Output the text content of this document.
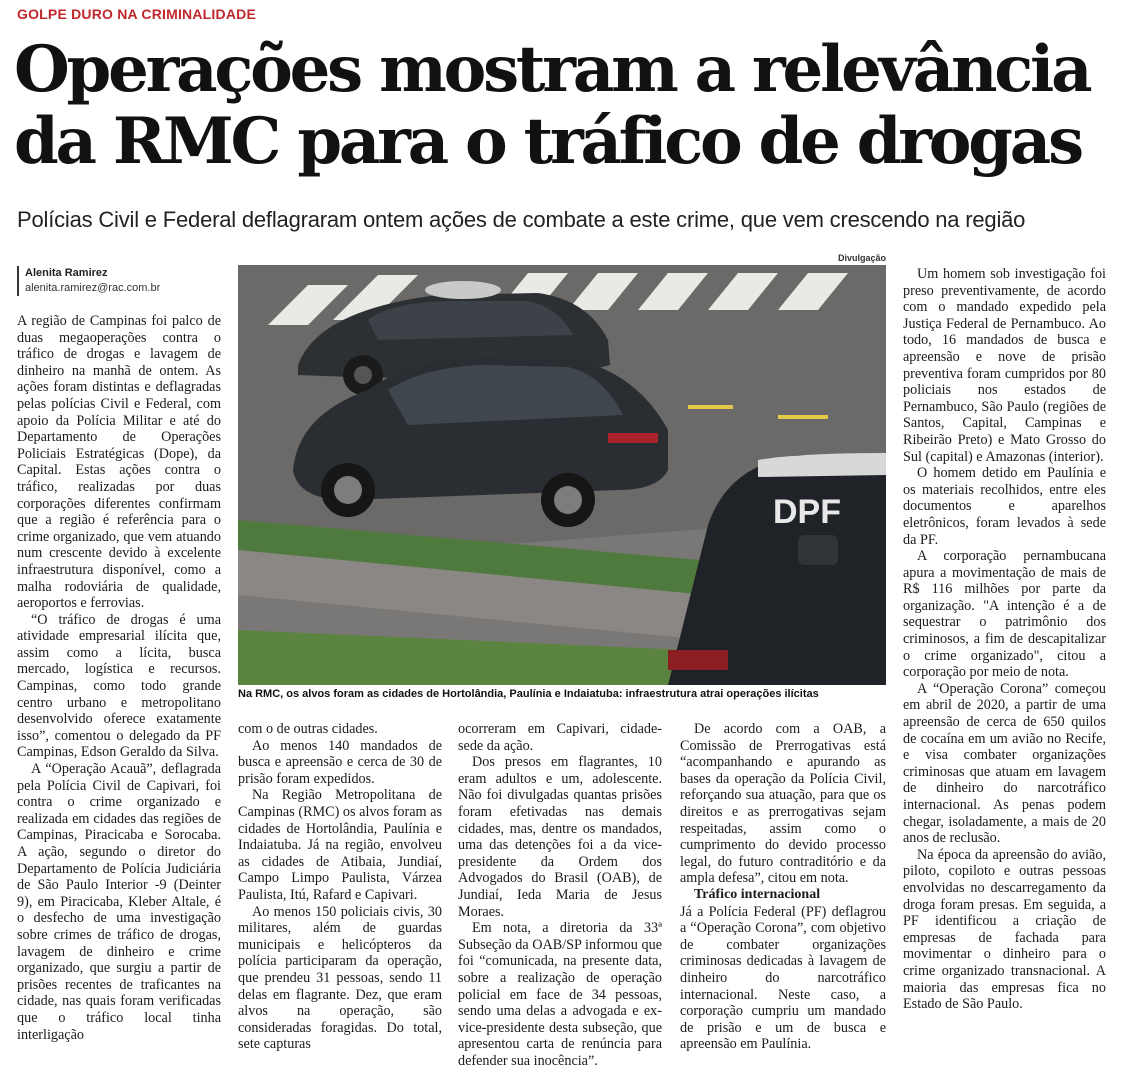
GOLPE DURO NA CRIMINALIDADE
Operações mostram a relevância
da RMC para o tráfico de drogas
Polícias Civil e Federal deflagraram ontem ações de combate a este crime, que vem crescendo na região
Alenita Ramirez
alenita.ramirez@rac.com.br
Divulgação
DPF
Na RMC, os alvos foram as cidades de Hortolândia, Paulínia e Indaiatuba: infraestrutura atrai operações ilícitas

A região de Campinas foi palco de duas megaoperações contra o tráfico de drogas e lavagem de dinheiro na manhã de ontem. As ações foram distintas e deflagradas pelas polícias Civil e Federal, com apoio da Polícia Militar e até do Departamento de Operações Policiais Estratégicas (Dope), da Capital. Estas ações contra o tráfico, realizadas por duas corporações diferentes confirmam que a região é referência para o crime organizado, que vem atuando num crescente devido à excelente infraestrutura disponível, como a malha rodoviária de qualidade, aeroportos e ferrovias.

“O tráfico de drogas é uma atividade empresarial ilícita que, assim como a lícita, busca mercado, logística e recursos. Campinas, como todo grande centro urbano e metropolitano desenvolvido oferece exatamente isso”, comentou o delegado da PF Campinas, Edson Geraldo da Silva.

A “Operação Acauã”, deflagrada pela Polícia Civil de Capivari, foi contra o crime organizado e realizada em cidades das regiões de Campinas, Piracicaba e Sorocaba. A ação, segundo o diretor do Departamento de Polícia Judiciária de São Paulo Interior -9 (Deinter 9), em Piracicaba, Kleber Altale, é o desfecho de uma investigação sobre crimes de tráfico de drogas, lavagem de dinheiro e crime organizado, que surgiu a partir de prisões recentes de traficantes na cidade, nas quais foram verificadas que o tráfico local tinha interligação

com o de outras cidades.

Ao menos 140 mandados de busca e apreensão e cerca de 30 de prisão foram expedidos.

Na Região Metropolitana de Campinas (RMC) os alvos foram as cidades de Hortolândia, Paulínia e Indaiatuba. Já na região, envolveu as cidades de Atibaia, Jundiaí, Campo Limpo Paulista, Várzea Paulista, Itú, Rafard e Capivari.

Ao menos 150 policiais civis, 30 militares, além de guardas municipais e helicópteros da polícia participaram da operação, que prendeu 31 pessoas, sendo 11 delas em flagrante. Dez, que eram alvos na operação, são consideradas foragidas. Do total, sete capturas

ocorreram em Capivari, cidade-sede da ação.

Dos presos em flagrantes, 10 eram adultos e um, adolescente. Não foi divulgadas quantas prisões foram efetivadas nas demais cidades, mas, dentre os mandados, uma das detenções foi a da vice-presidente da Ordem dos Advogados do Brasil (OAB), de Jundiaí, Ieda Maria de Jesus Moraes.

Em nota, a diretoria da 33ª Subseção da OAB/SP informou que foi “comunicada, na presente data, sobre a realização de operação policial em face de 34 pessoas, sendo uma delas a advogada e ex-vice-presidente desta subseção, que apresentou carta de renúncia para defender sua inocência”.

De acordo com a OAB, a Comissão de Prerrogativas está “acompanhando e apurando as bases da operação da Polícia Civil, reforçando sua atuação, para que os direitos e as prerrogativas sejam respeitadas, assim como o cumprimento do devido processo legal, do futuro contraditório e da ampla defesa”, citou em nota.

Tráfico internacional

Já a Polícia Federal (PF) deflagrou a “Operação Corona”, com objetivo de combater organizações criminosas dedicadas à lavagem de dinheiro do narcotráfico internacional. Neste caso, a corporação cumpriu um mandado de prisão e um de busca e apreensão em Paulínia.

Um homem sob investigação foi preso preventivamente, de acordo com o mandado expedido pela Justiça Federal de Pernambuco. Ao todo, 16 mandados de busca e apreensão e nove de prisão preventiva foram cumpridos por 80 policiais nos estados de Pernambuco, São Paulo (regiões de Santos, Capital, Campinas e Ribeirão Preto) e Mato Grosso do Sul (capital) e Amazonas (interior).

O homem detido em Paulínia e os materiais recolhidos, entre eles documentos e aparelhos eletrônicos, foram levados à sede da PF.

A corporação pernambucana apura a movimentação de mais de R$ 116 milhões por parte da organização. "A intenção é a de sequestrar o patrimônio dos criminosos, a fim de descapitalizar o crime organizado", citou a corporação por meio de nota.

A “Operação Corona” começou em abril de 2020, a partir de uma apreensão de cerca de 650 quilos de cocaína em um avião no Recife, e visa combater organizações criminosas que atuam em lavagem de dinheiro do narcotráfico internacional. As penas podem chegar, isoladamente, a mais de 20 anos de reclusão.

Na época da apreensão do avião, piloto, copiloto e outras pessoas envolvidas no descarregamento da droga foram presas. Em seguida, a PF identificou a criação de empresas de fachada para movimentar o dinheiro para o crime organizado transnacional. A maioria das empresas fica no Estado de São Paulo.
